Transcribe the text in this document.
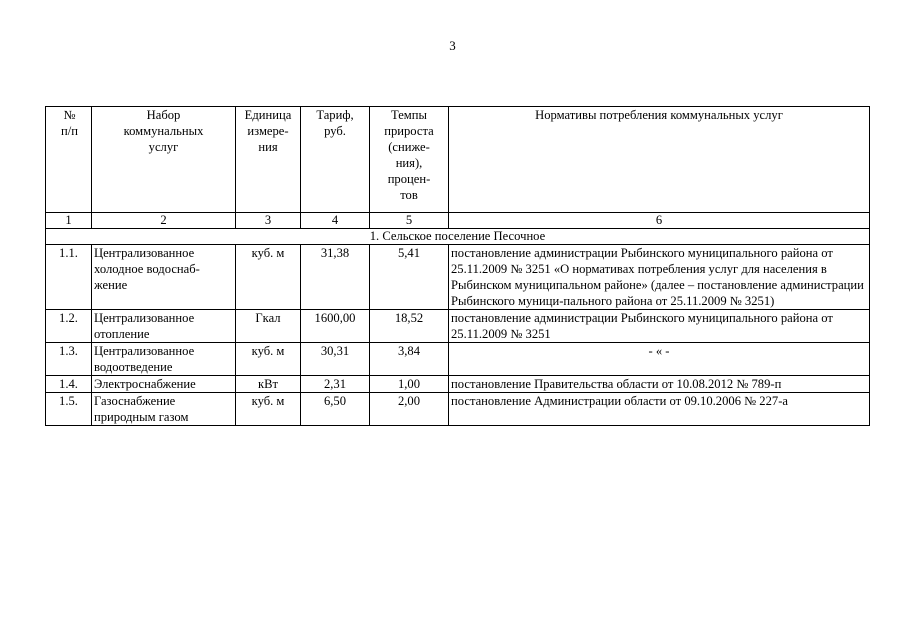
3
№ п/п	Набор коммунальных услуг	Единица измере-ния	Тариф, руб.	Темпы прироста (сниже-ния), процен-тов	Нормативы потребления коммунальных услуг
1	2	3	4	5	6
1. Сельское поселение Песочное					
1.1.	Централизованное холодное водоснаб-жение	куб. м	31,38	5,41	постановление администрации Рыбинского муниципального района от 25.11.2009 № 3251 «О нормативах потребления услуг для населения в Рыбинском муниципальном районе» (далее – постановление администрации Рыбинского муници-пального района от 25.11.2009 № 3251)
1.2.	Централизованное отопление	Гкал	1600,00	18,52	постановление администрации Рыбинского муниципального района от 25.11.2009 № 3251
1.3.	Централизованное водоотведение	куб. м	30,31	3,84	- « -
1.4.	Электроснабжение	кВт	2,31	1,00	постановление Правительства области от 10.08.2012 № 789-п
1.5.	Газоснабжение природным газом	куб. м	6,50	2,00	постановление Администрации области от 09.10.2006 № 227-а
